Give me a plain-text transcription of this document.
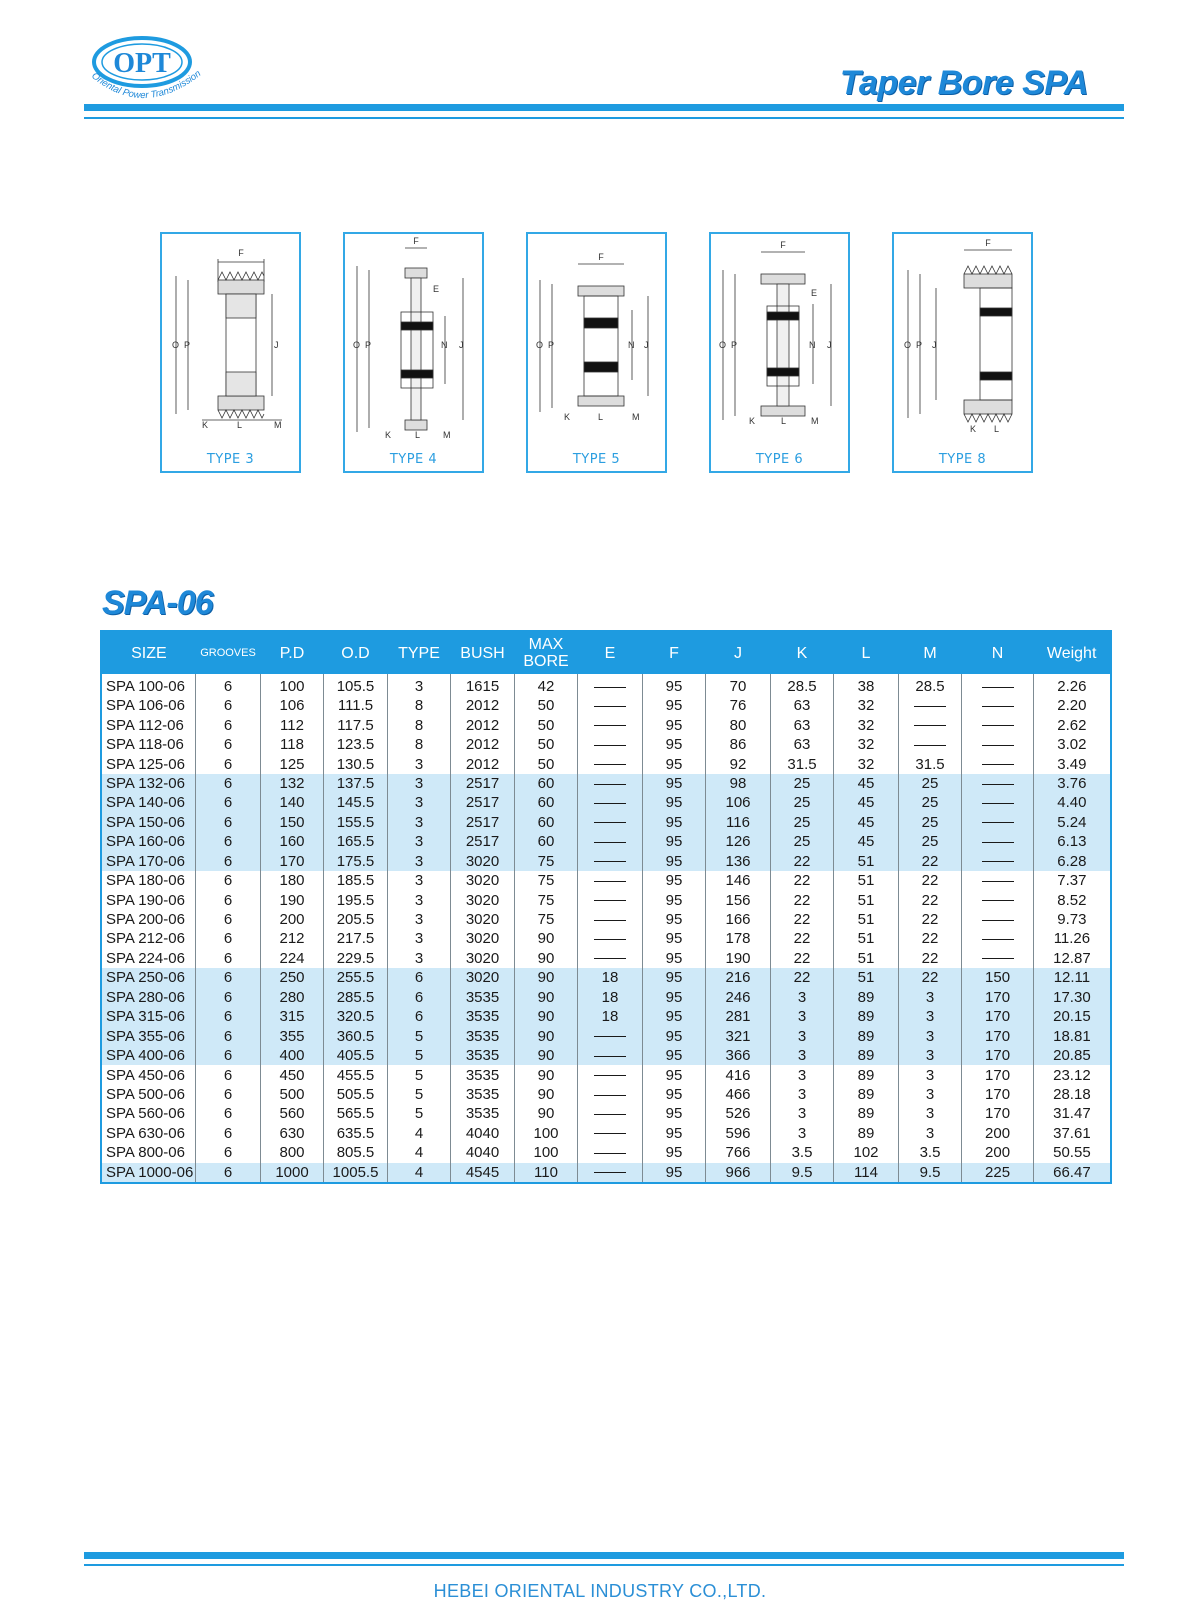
OPT
Oriental Power Transmission	Taper Bore SPA
F
O P	J
K	L	M
TYPE 3
F
E
O P	N J
K	L	M
TYPE 4
F
O P	N J
K	L	M
TYPE 5
F
E
O P	N J
K	L	M
TYPE 6
F
O P J
K L
TYPE 8
SPA-06
SIZE	GROOVES	P.D	O.D	TYPE	BUSH	MAX BORE	E	F	J	K	L	M	N	Weight
SPA 100-06	6	100	105.5	3	1615	42		95	70	28.5	38	28.5		2.26
SPA 106-06	6	106	111.5	8	2012	50		95	76	63	32			2.20
SPA 112-06	6	112	117.5	8	2012	50		95	80	63	32			2.62
SPA 118-06	6	118	123.5	8	2012	50		95	86	63	32			3.02
SPA 125-06	6	125	130.5	3	2012	50		95	92	31.5	32	31.5		3.49
SPA 132-06	6	132	137.5	3	2517	60		95	98	25	45	25		3.76
SPA 140-06	6	140	145.5	3	2517	60		95	106	25	45	25		4.40
SPA 150-06	6	150	155.5	3	2517	60		95	116	25	45	25		5.24
SPA 160-06	6	160	165.5	3	2517	60		95	126	25	45	25		6.13
SPA 170-06	6	170	175.5	3	3020	75		95	136	22	51	22		6.28
SPA 180-06	6	180	185.5	3	3020	75		95	146	22	51	22		7.37
SPA 190-06	6	190	195.5	3	3020	75		95	156	22	51	22		8.52
SPA 200-06	6	200	205.5	3	3020	75		95	166	22	51	22		9.73
SPA 212-06	6	212	217.5	3	3020	90		95	178	22	51	22		11.26
SPA 224-06	6	224	229.5	3	3020	90		95	190	22	51	22		12.87
SPA 250-06	6	250	255.5	6	3020	90	18	95	216	22	51	22	150	12.11
SPA 280-06	6	280	285.5	6	3535	90	18	95	246	3	89	3	170	17.30
SPA 315-06	6	315	320.5	6	3535	90	18	95	281	3	89	3	170	20.15
SPA 355-06	6	355	360.5	5	3535	90		95	321	3	89	3	170	18.81
SPA 400-06	6	400	405.5	5	3535	90		95	366	3	89	3	170	20.85
SPA 450-06	6	450	455.5	5	3535	90		95	416	3	89	3	170	23.12
SPA 500-06	6	500	505.5	5	3535	90		95	466	3	89	3	170	28.18
SPA 560-06	6	560	565.5	5	3535	90		95	526	3	89	3	170	31.47
SPA 630-06	6	630	635.5	4	4040	100		95	596	3	89	3	200	37.61
SPA 800-06	6	800	805.5	4	4040	100		95	766	3.5	102	3.5	200	50.55
SPA 1000-06	6	1000	1005.5	4	4545	110		95	966	9.5	114	9.5	225	66.47
HEBEI ORIENTAL INDUSTRY CO.,LTD.
